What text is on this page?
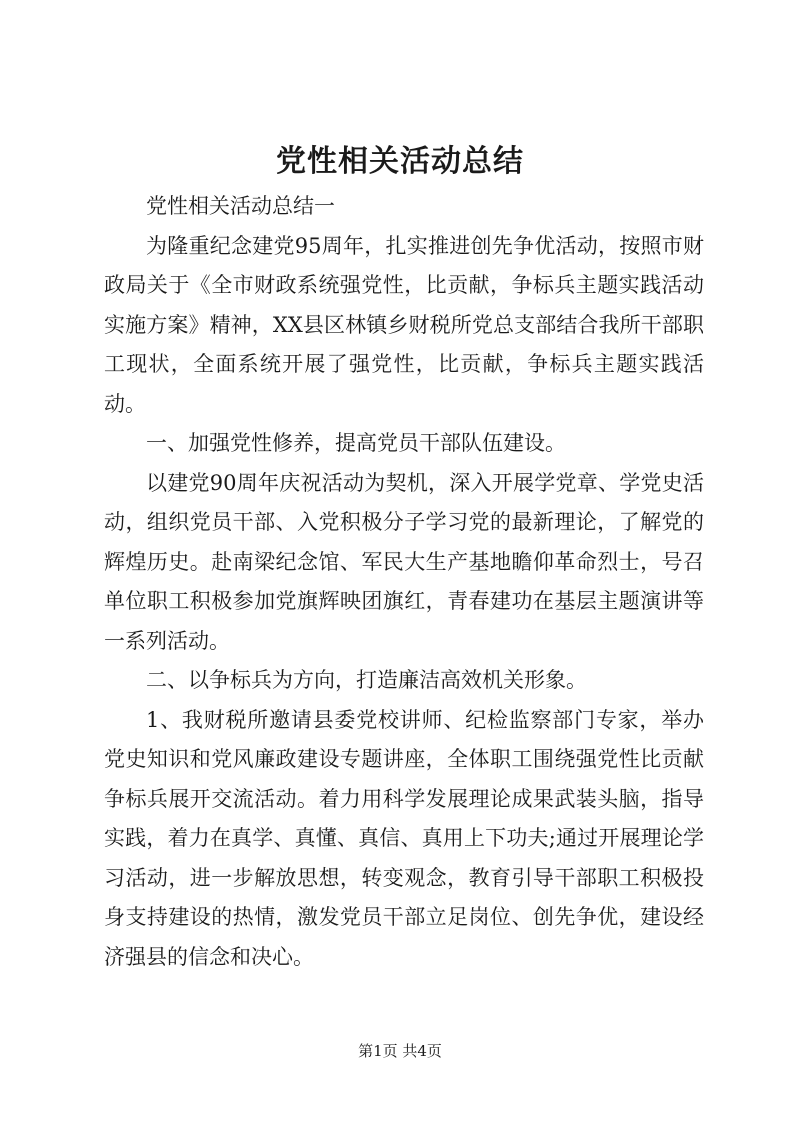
党性相关活动总结

党性相关活动总结一

为隆重纪念建党95周年，扎实推进创先争优活动，按照市财政局关于《全市财政系统强党性，比贡献，争标兵主题实践活动实施方案》精神，XX县区林镇乡财税所党总支部结合我所干部职工现状，全面系统开展了强党性，比贡献，争标兵主题实践活动。

一、加强党性修养，提高党员干部队伍建设。

以建党90周年庆祝活动为契机，深入开展学党章、学党史活动，组织党员干部、入党积极分子学习党的最新理论，了解党的辉煌历史。赴南梁纪念馆、军民大生产基地瞻仰革命烈士，号召单位职工积极参加党旗辉映团旗红，青春建功在基层主题演讲等一系列活动。

二、以争标兵为方向，打造廉洁高效机关形象。

1、我财税所邀请县委党校讲师、纪检监察部门专家，举办党史知识和党风廉政建设专题讲座，全体职工围绕强党性比贡献争标兵展开交流活动。着力用科学发展理论成果武装头脑，指导实践，着力在真学、真懂、真信、真用上下功夫;通过开展理论学习活动，进一步解放思想，转变观念，教育引导干部职工积极投身支持建设的热情，激发党员干部立足岗位、创先争优，建设经济强县的信念和决心。

第1页 共4页
